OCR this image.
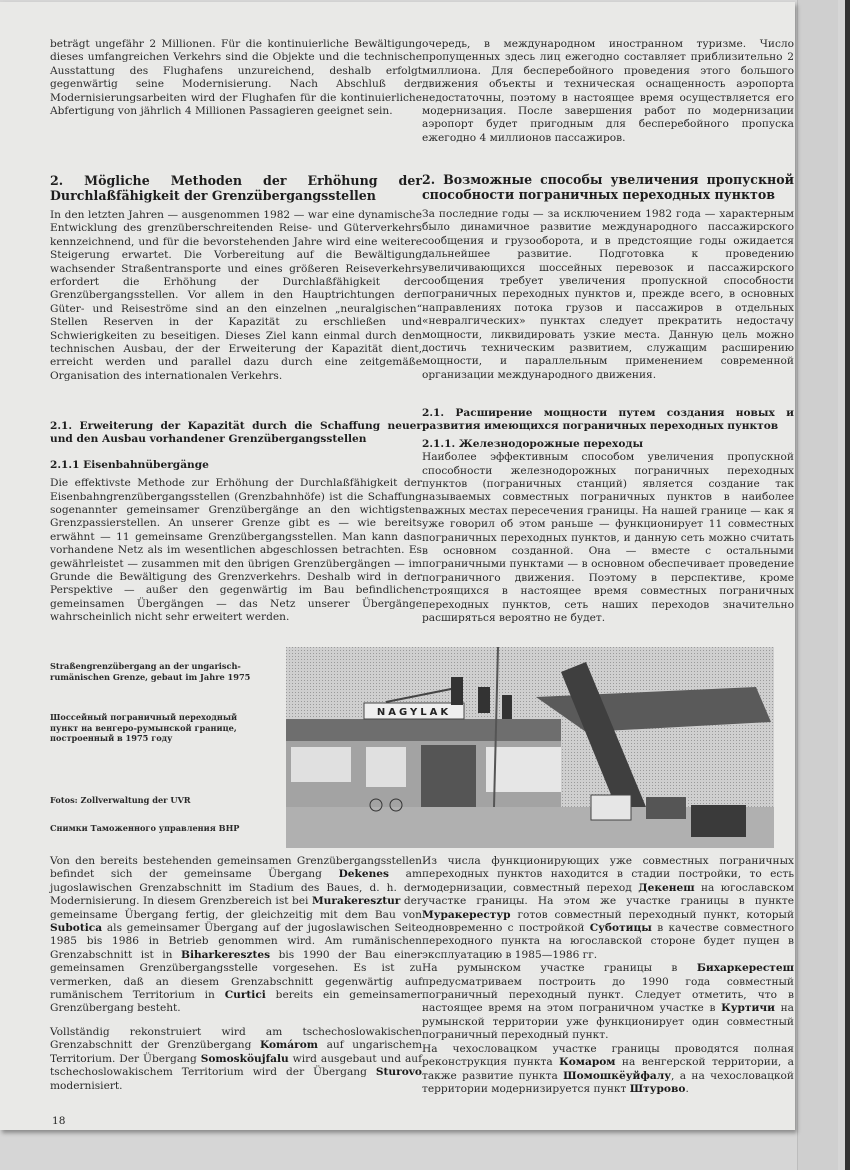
beträgt ungefähr 2 Millionen. Für die kontinuierliche Bewältigung dieses umfangreichen Verkehrs sind die Objekte und die technische Ausstattung des Flughafens unzureichend, deshalb erfolgt gegenwärtig seine Modernisierung. Nach Abschluß der Modernisierungsarbeiten wird der Flughafen für die kontinuierliche Abfertigung von jährlich 4 Millionen Passagieren geeignet sein.

2. Mögliche Methoden der Erhöhung der Durchlaßfähigkeit der Grenzübergangsstellen

In den letzten Jahren — ausgenommen 1982 — war eine dynamische Entwicklung des grenzüberschreitenden Reise- und Güterverkehrs kennzeichnend, und für die bevorstehenden Jahre wird eine weitere Steigerung erwartet. Die Vorbereitung auf die Bewältigung wachsender Straßentransporte und eines größeren Reiseverkehrs erfordert die Erhöhung der Durchlaßfähigkeit der Grenzübergangsstellen. Vor allem in den Hauptrichtungen der Güter- und Reiseströme sind an den einzelnen „neuralgischen“ Stellen Reserven in der Kapazität zu erschließen und Schwierigkeiten zu beseitigen. Dieses Ziel kann einmal durch den technischen Ausbau, der der Erweiterung der Kapazität dient, erreicht werden und parallel dazu durch eine zeitgemäße Organisation des internationalen Verkehrs.

2.1. Erweiterung der Kapazität durch die Schaffung neuer und den Ausbau vorhandener Grenzübergangsstellen
2.1.1 Eisenbahnübergänge

Die effektivste Methode zur Erhöhung der Durchlaßfähigkeit der Eisenbahngrenzübergangsstellen (Grenzbahnhöfe) ist die Schaffung sogenannter gemeinsamer Grenzübergänge an den wichtigsten Grenzpassierstellen. An unserer Grenze gibt es — wie bereits erwähnt — 11 gemeinsame Grenzübergangsstellen. Man kann das vorhandene Netz als im wesentlichen abgeschlossen betrachten. Es gewährleistet — zusammen mit den übrigen Grenzübergängen — im Grunde die Bewältigung des Grenzverkehrs. Deshalb wird in der Perspektive — außer den gegenwärtig im Bau befindlichen gemeinsamen Übergängen — das Netz unserer Übergänge wahrscheinlich nicht sehr erweitert werden.

Von den bereits bestehenden gemeinsamen Grenzübergangsstellen befindet sich der gemeinsame Übergang Dekenes am jugoslawischen Grenzabschnitt im Stadium des Baues, d. h. der Modernisierung. In diesem Grenzbereich ist bei Murakeresztur der gemeinsame Übergang fertig, der gleichzeitig mit dem Bau von Subotica als gemeinsamer Übergang auf der jugoslawischen Seite 1985 bis 1986 in Betrieb genommen wird. Am rumänischen Grenzabschnitt ist in Biharkeresztes bis 1990 der Bau einer gemeinsamen Grenzübergangsstelle vorgesehen. Es ist zu vermerken, daß an diesem Grenzabschnitt gegenwärtig auf rumänischem Territorium in Curtici bereits ein gemeinsamer Grenzübergang besteht.

Vollständig rekonstruiert wird am tschechoslowakischen Grenzabschnitt der Grenzübergang Komárom auf ungarischem Territorium. Der Übergang Somosköujfalu wird ausgebaut und auf tschechoslowakischem Territorium wird der Übergang Sturovo modernisiert.

очередь, в международном иностранном туризме. Число пропущенных здесь лиц ежегодно составляет приблизительно 2 миллиона. Для бесперебойного проведения этого большого движения объекты и техническая оснащенность аэропорта недостаточны, поэтому в настоящее время осуществляется его модернизация. После завершения работ по модернизации аэропорт будет пригодным для бесперебойного пропуска ежегодно 4 миллионов пассажиров.

2. Возможные способы увеличения пропускной способности пограничных переходных пунктов

За последние годы — за исключением 1982 года — характерным было динамичное развитие международного пассажирского сообщения и грузооборота, и в предстоящие годы ожидается дальнейшее развитие. Подготовка к проведению увеличивающихся шоссейных перевозок и пассажирского сообщения требует увеличения пропускной способности пограничных переходных пунктов и, прежде всего, в основных направлениях потока грузов и пассажиров в отдельных «невралгических» пунктах следует прекратить недостачу мощности, ликвидировать узкие места. Данную цель можно достичь техническим развитием, служащим расширению мощности, и параллельным применением современной организации международного движения.

2.1. Расширение мощности путем создания новых и развития имеющихся пограничных переходных пунктов
2.1.1. Железнодорожные переходы

Наиболее эффективным способом увеличения пропускной способности железнодорожных пограничных переходных пунктов (пограничных станций) является создание так называемых совместных пограничных пунктов в наиболее важных местах пересечения границы. На нашей границе — как я уже говорил об этом раньше — функционирует 11 совместных пограничных переходных пунктов, и данную сеть можно считать в основном созданной. Она — вместе с остальными пограничными пунктами — в основном обеспечивает проведение пограничного движения. Поэтому в перспективе, кроме строящихся в настоящее время совместных пограничных переходных пунктов, сеть наших переходов значительно расширяться вероятно не будет.

Из числа функционирующих уже совместных пограничных переходных пунктов находится в стадии постройки, то есть модернизации, совместный переход Декенеш на югославском участке границы. На этом же участке границы в пункте Муракерестур готов совместный переходный пункт, который одновременно с постройкой Суботицы в качестве совместного переходного пункта на югославской стороне будет пущен в эксплуатацию в 1985—1986 гг.

На румынском участке границы в Бихаркерестеш предусматриваем построить до 1990 года совместный пограничный переходный пункт. Следует отметить, что в настоящее время на этом пограничном участке в Куртичи на румынской территории уже функционирует один совместный пограничный переходный пункт.

На чехословацком участке границы проводятся полная реконструкция пункта Комаром на венгерской территории, а также развитие пункта Шомошкёуйфалу, а на чехословацкой территории модернизируется пункт Штурово.

Straßengrenzübergang an der ungarisch-rumänischen Grenze, gebaut im Jahre 1975
Шоссейный пограничный переходный пункт на венгеро-румынской границе, построенный в 1975 году
Fotos: Zollverwaltung der UVR
Снимки Таможенного управления ВНР
NAGYLAK
18
